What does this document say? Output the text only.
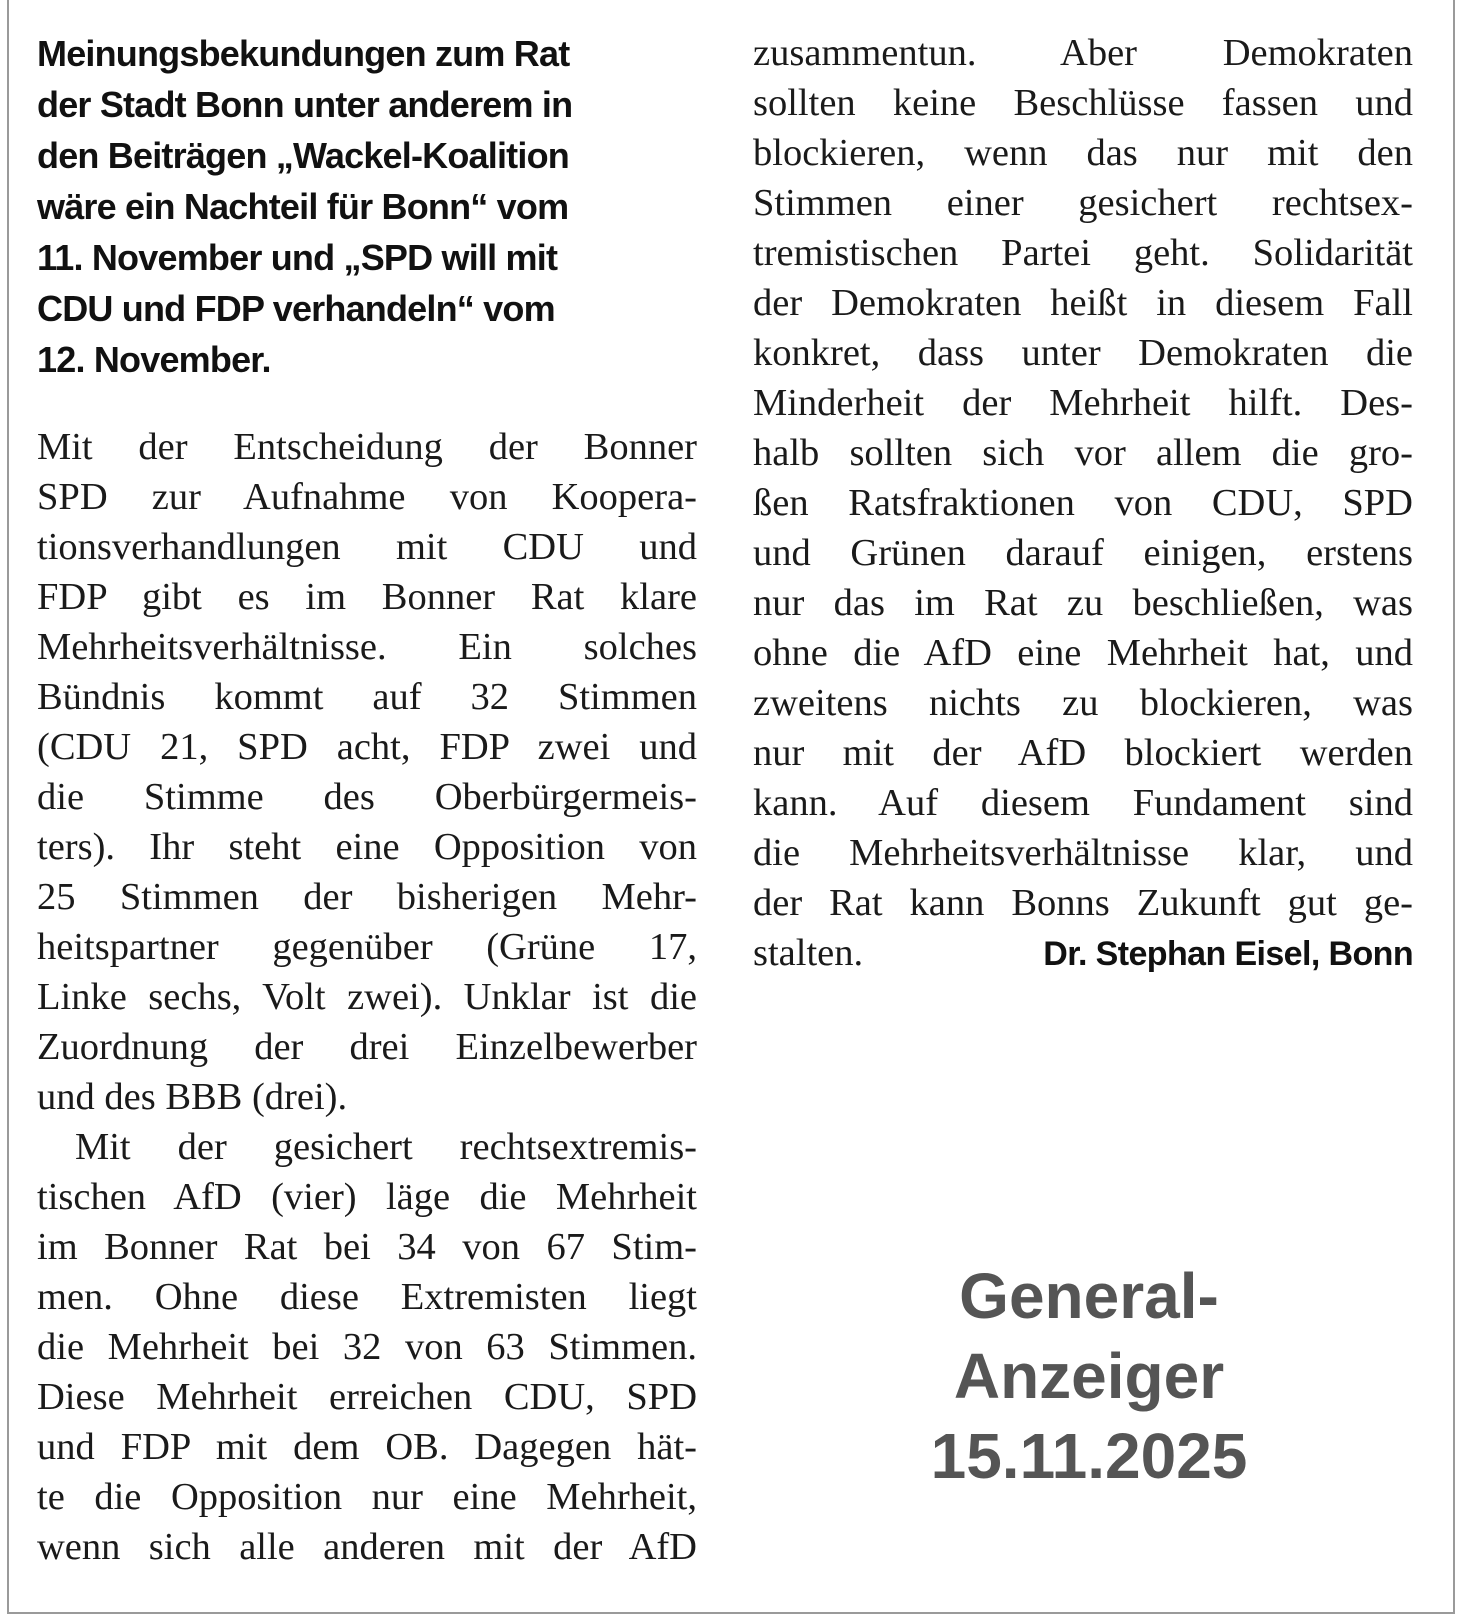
Meinungsbekundungen zum Rat
der Stadt Bonn unter anderem in
den Beiträgen „Wackel-Koalition
wäre ein Nachteil für Bonn“ vom
11. November und „SPD will mit
CDU und FDP verhandeln“ vom
12. November.
Mit der Entscheidung der Bonner
SPD zur Aufnahme von Koopera-
tionsverhandlungen mit CDU und
FDP gibt es im Bonner Rat klare
Mehrheitsverhältnisse. Ein solches
Bündnis kommt auf 32 Stimmen
(CDU 21, SPD acht, FDP zwei und
die Stimme des Oberbürgermeis-
ters). Ihr steht eine Opposition von
25 Stimmen der bisherigen Mehr-
heitspartner gegenüber (Grüne 17,
Linke sechs, Volt zwei). Unklar ist die
Zuordnung der drei Einzelbewerber
und des BBB (drei).
Mit der gesichert rechtsextremis-
tischen AfD (vier) läge die Mehrheit
im Bonner Rat bei 34 von 67 Stim-
men. Ohne diese Extremisten liegt
die Mehrheit bei 32 von 63 Stimmen.
Diese Mehrheit erreichen CDU, SPD
und FDP mit dem OB. Dagegen hät-
te die Opposition nur eine Mehrheit,
wenn sich alle anderen mit der AfD
zusammentun. Aber Demokraten
sollten keine Beschlüsse fassen und
blockieren, wenn das nur mit den
Stimmen einer gesichert rechtsex-
tremistischen Partei geht. Solidarität
der Demokraten heißt in diesem Fall
konkret, dass unter Demokraten die
Minderheit der Mehrheit hilft. Des-
halb sollten sich vor allem die gro-
ßen Ratsfraktionen von CDU, SPD
und Grünen darauf einigen, erstens
nur das im Rat zu beschließen, was
ohne die AfD eine Mehrheit hat, und
zweitens nichts zu blockieren, was
nur mit der AfD blockiert werden
kann. Auf diesem Fundament sind
die Mehrheitsverhältnisse klar, und
der Rat kann Bonns Zukunft gut ge-
stalten.	Dr. Stephan Eisel, Bonn
General-
Anzeiger
15.11.2025
